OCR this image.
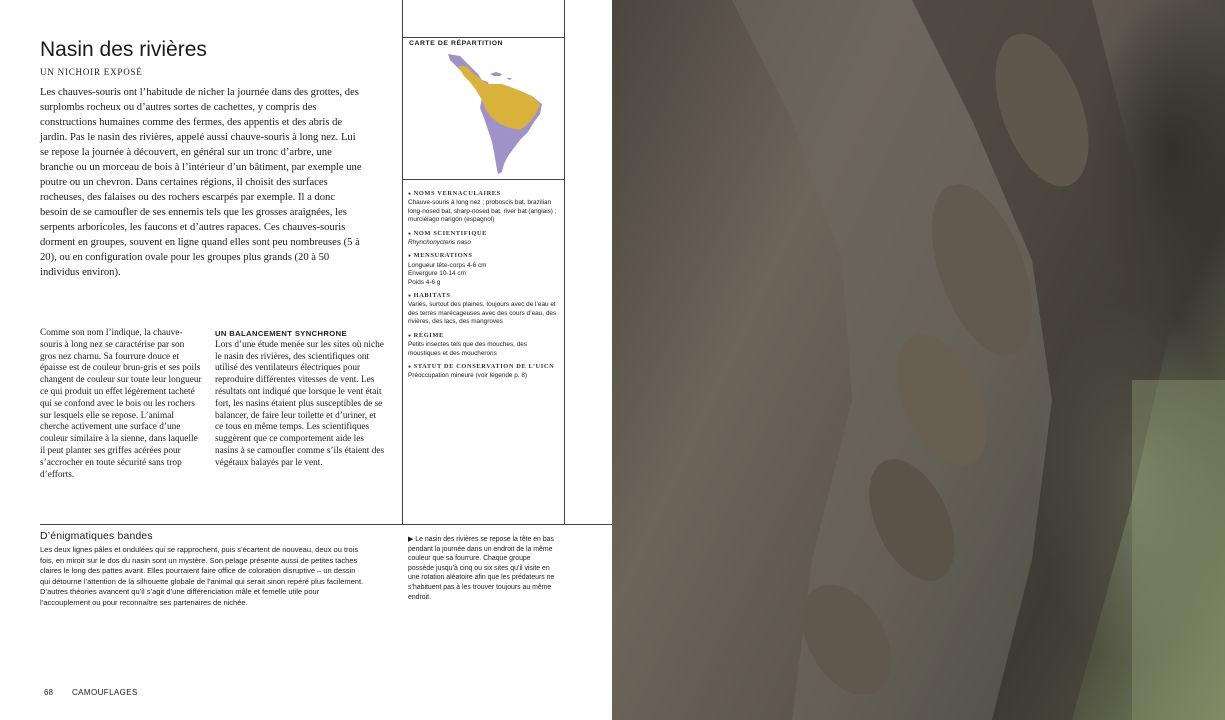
Nasin des rivières
UN NICHOIR EXPOSÉ
Les chauves-souris ont l’habitude de nicher la journée dans des grottes, des surplombs rocheux ou d’autres sortes de cachettes, y compris des constructions humaines comme des fermes, des appentis et des abris de jardin. Pas le nasin des rivières, appelé aussi chauve-souris à long nez. Lui se repose la journée à découvert, en général sur un tronc d’arbre, une branche ou un morceau de bois à l’intérieur d’un bâtiment, par exemple une poutre ou un chevron. Dans certaines régions, il choisit des surfaces rocheuses, des falaises ou des rochers escarpés par exemple. Il a donc besoin de se camoufler de ses ennemis tels que les grosses araignées, les serpents arboricoles, les faucons et d’autres rapaces. Ces chauves-souris dorment en groupes, souvent en ligne quand elles sont peu nombreuses (5 à 20), ou en configuration ovale pour les groupes plus grands (20 à 50 individus environ).
Comme son nom l’indique, la chauve-souris à long nez se caractérise par son gros nez charnu. Sa fourrure douce et épaisse est de couleur brun-gris et ses poils changent de couleur sur toute leur longueur ce qui produit un effet légèrement tacheté qui se confond avec le bois ou les rochers sur lesquels elle se repose. L’animal cherche activement une surface d’une couleur similaire à la sienne, dans laquelle il peut planter ses griffes acérées pour s’accrocher en toute sécurité sans trop d’efforts.
UN BALANCEMENT SYNCHRONE
Lors d’une étude menée sur les sites où niche le nasin des rivières, des scientifiques ont utilisé des ventilateurs électriques pour reproduire différentes vitesses de vent. Les résultats ont indiqué que lorsque le vent était fort, les nasins étaient plus susceptibles de se balancer, de faire leur toilette et d’uriner, et ce tous en même temps. Les scientifiques suggèrent que ce comportement aide les nasins à se camoufler comme s’ils étaient des végétaux balayés par le vent.
CARTE DE RÉPARTITION
● NOMS VERNACULAIRES
Chauve-souris à long nez ; proboscis bat, brazilian long-nosed bat, sharp-nosed bat, river bat (anglais) ; murciélago narigón (espagnol)
● NOM SCIENTIFIQUE
Rhynchonycteris naso
● MENSURATIONS
Longueur tête-corps 4-6 cm
Envergure 10-14 cm
Poids 4-6 g
● HABITATS
Variés, surtout des plaines, toujours avec de l’eau et des terres marécageuses avec des cours d’eau, des rivières, des lacs, des mangroves
● RÉGIME
Petits insectes tels que des mouches, des moustiques et des moucherons
● STATUT DE CONSERVATION DE L’UICN
Préoccupation mineure (voir légende p. 8)
D’énigmatiques bandes
Les deux lignes pâles et ondulées qui se rapprochent, puis s’écartent de nouveau, deux ou trois fois, en miroir sur le dos du nasin sont un mystère. Son pelage présente aussi de petites taches claires le long des pattes avant. Elles pourraient faire office de coloration disruptive – un dessin qui détourne l’attention de la silhouette globale de l’animal qui serait sinon repéré plus facilement. D’autres théories avancent qu’il s’agit d’une différenciation mâle et femelle utile pour l’accouplement ou pour reconnaître ses partenaires de nichée.
▶ Le nasin des rivières se repose la tête en bas pendant la journée dans un endroit de la même couleur que sa fourrure. Chaque groupe possède jusqu’à cinq ou six sites qu’il visite en une rotation aléatoire afin que les prédateurs ne s’habituent pas à les trouver toujours au même endroit.
68 CAMOUFLAGES
